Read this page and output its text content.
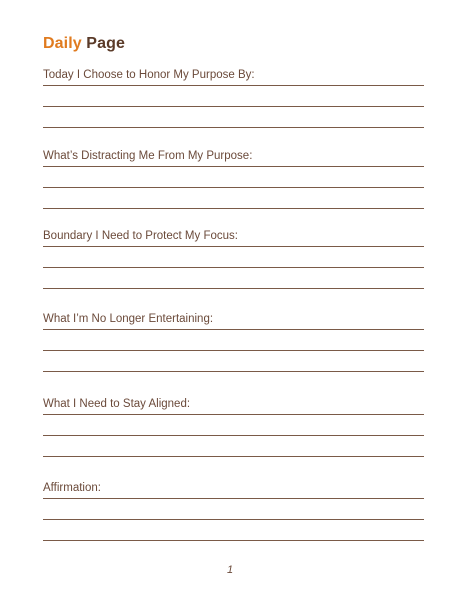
Daily Page
Today I Choose to Honor My Purpose By:
What’s Distracting Me From My Purpose:
Boundary I Need to Protect My Focus:
What I’m No Longer Entertaining:
What I Need to Stay Aligned:
Affirmation:
1
